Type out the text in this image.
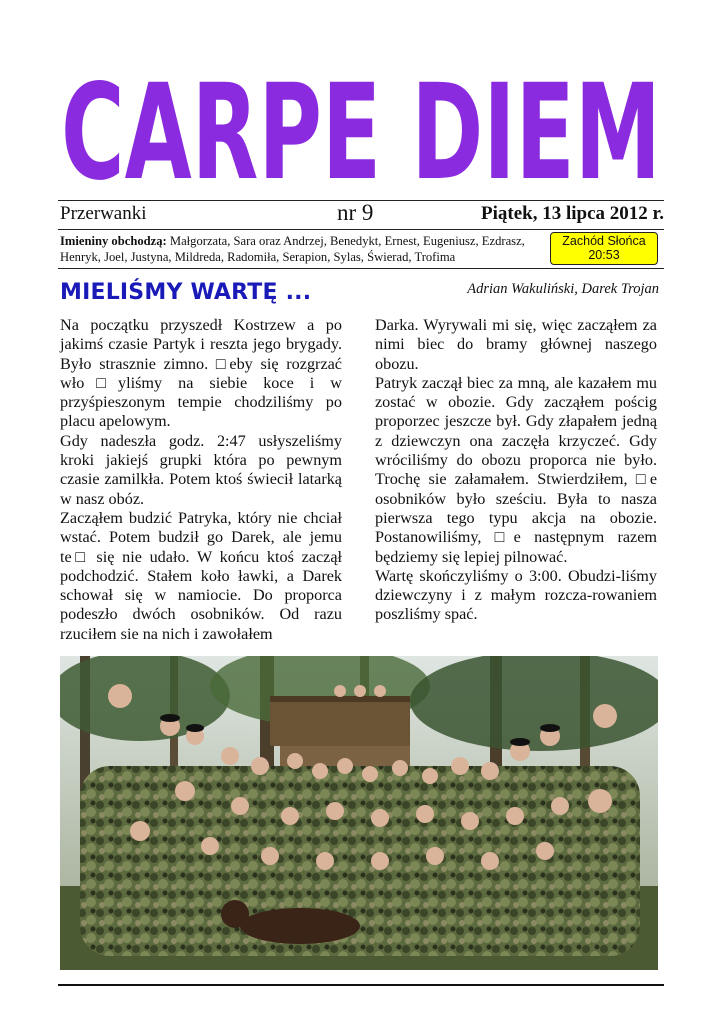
CARPE DIEM
Przerwanki	nr 9	Piątek, 13 lipca 2012 r.
Imieniny obchodzą: Małgorzata, Sara oraz Andrzej, Benedykt, Ernest, Eugeniusz, Ezdrasz, Henryk, Joel, Justyna, Mildreda, Radomiła, Serapion, Sylas, Świerad, Trofima
Zachód Słońca
20:53
MIELIŚMY WARTĘ ...	Adrian Wakuliński, Darek Trojan

Na początku przyszedł Kostrzew a po jakimś czasie Partyk i reszta jego brygady. Było strasznie zimno. □eby się rozgrzać wło□yliśmy na siebie koce i w przyśpieszonym tempie chodziliśmy po placu apelowym.

Gdy nadeszła godz. 2:47 usłyszeliśmy kroki jakiejś grupki która po pewnym czasie zamilkła. Potem ktoś świecił latarką w nasz obóz.

Zacząłem budzić Patryka, który nie chciał wstać. Potem budził go Darek, ale jemu te□ się nie udało. W końcu ktoś zaczął podchodzić. Stałem koło ławki, a Darek schował się w namiocie. Do proporca podeszło dwóch osobników. Od razu rzuciłem sie na nich i zawołałem

Darka. Wyrywali mi się, więc zacząłem za nimi biec do bramy głównej naszego obozu.

Patryk zaczął biec za mną, ale kazałem mu zostać w obozie. Gdy zacząłem pościg proporzec jeszcze był. Gdy złapałem jedną z dziewczyn ona zaczęła krzyczeć. Gdy wróciliśmy do obozu proporca nie było. Trochę sie załamałem. Stwierdziłem, □e osobników było sześciu. Była to nasza pierwsza tego typu akcja na obozie. Postanowiliśmy, □e następnym razem będziemy się lepiej pilnować.

Wartę skończyliśmy o 3:00. Obudzi-liśmy dziewczyny i z małym rozcza-rowaniem poszliśmy spać.
